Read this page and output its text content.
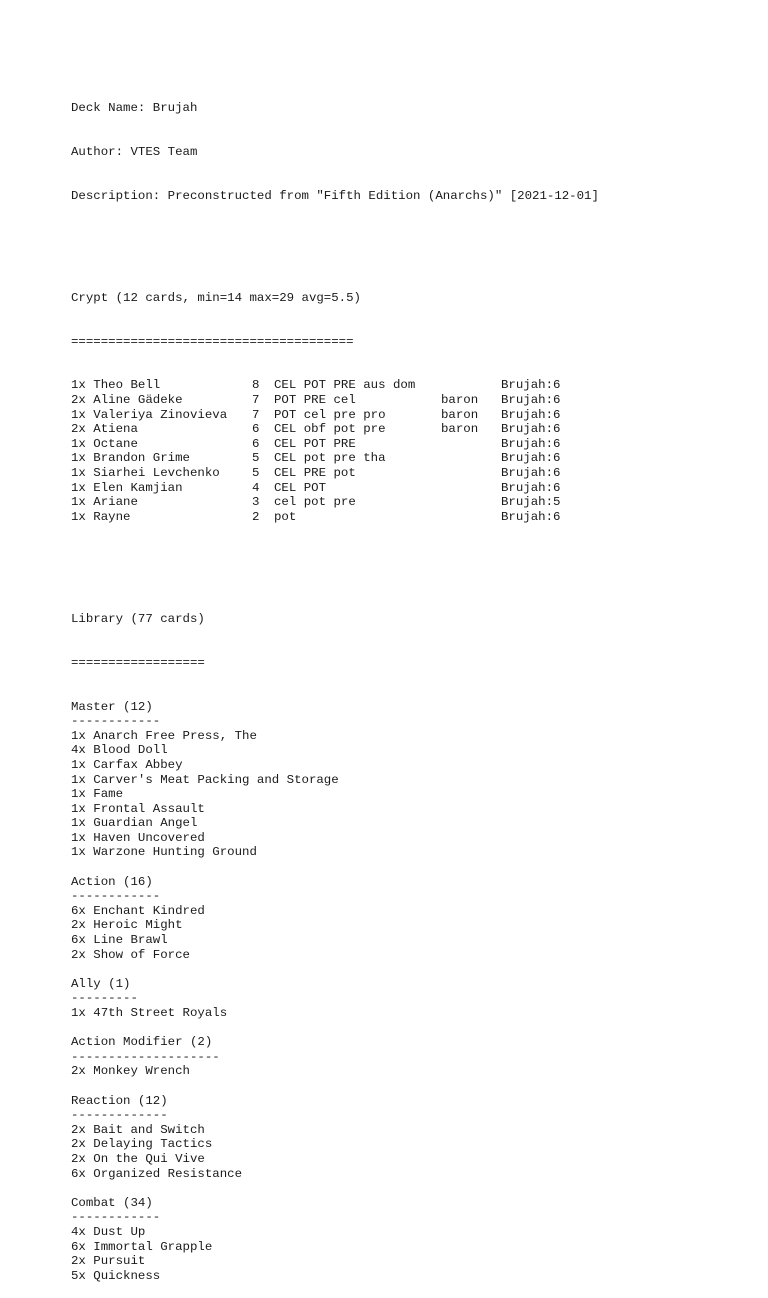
Deck Name: Brujah

Author: VTES Team

Description: Preconstructed from "Fifth Edition (Anarchs)" [2021-12-01]

Crypt (12 cards, min=14 max=29 avg=5.5)

======================================

1x Theo Bell	8	CEL POT PRE aus dom	Brujah:6
2x Aline Gädeke	7	POT PRE cel	baron	Brujah:6
1x Valeriya Zinovieva	7	POT cel pre pro	baron	Brujah:6
2x Atiena	6	CEL obf pot pre	baron	Brujah:6
1x Octane	6	CEL POT PRE	Brujah:6
1x Brandon Grime	5	CEL pot pre tha	Brujah:6
1x Siarhei Levchenko	5	CEL PRE pot	Brujah:6
1x Elen Kamjian	4	CEL POT	Brujah:6
1x Ariane	3	cel pot pre	Brujah:5
1x Rayne	2	pot	Brujah:6

Library (77 cards)

==================

Master (12)
------------
1x Anarch Free Press, The
4x Blood Doll
1x Carfax Abbey
1x Carver's Meat Packing and Storage
1x Fame
1x Frontal Assault
1x Guardian Angel
1x Haven Uncovered
1x Warzone Hunting Ground
Action (16)
------------
6x Enchant Kindred
2x Heroic Might
6x Line Brawl
2x Show of Force
Ally (1)
---------
1x 47th Street Royals
Action Modifier (2)
--------------------
2x Monkey Wrench
Reaction (12)
-------------
2x Bait and Switch
2x Delaying Tactics
2x On the Qui Vive
6x Organized Resistance
Combat (34)
------------
4x Dust Up
6x Immortal Grapple
2x Pursuit
5x Quickness
